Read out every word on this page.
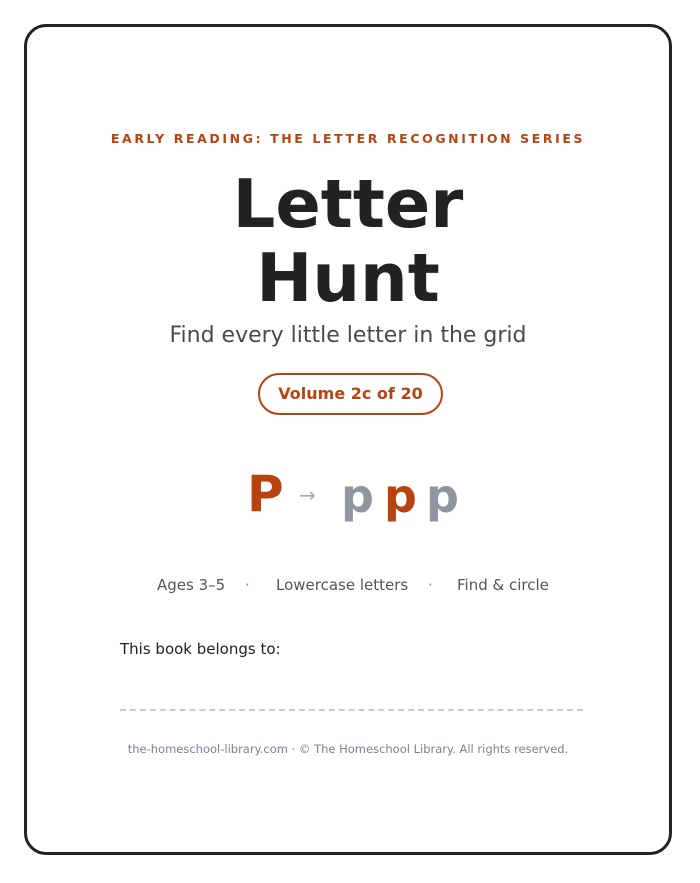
EARLY READING: THE LETTER RECOGNITION SERIES
Letter
Hunt
Find every little letter in the grid
Volume 2c of 20
P → p p p
Ages 3–5 · Lowercase letters · Find & circle
This book belongs to:
the-homeschool-library.com · © The Homeschool Library. All rights reserved.
